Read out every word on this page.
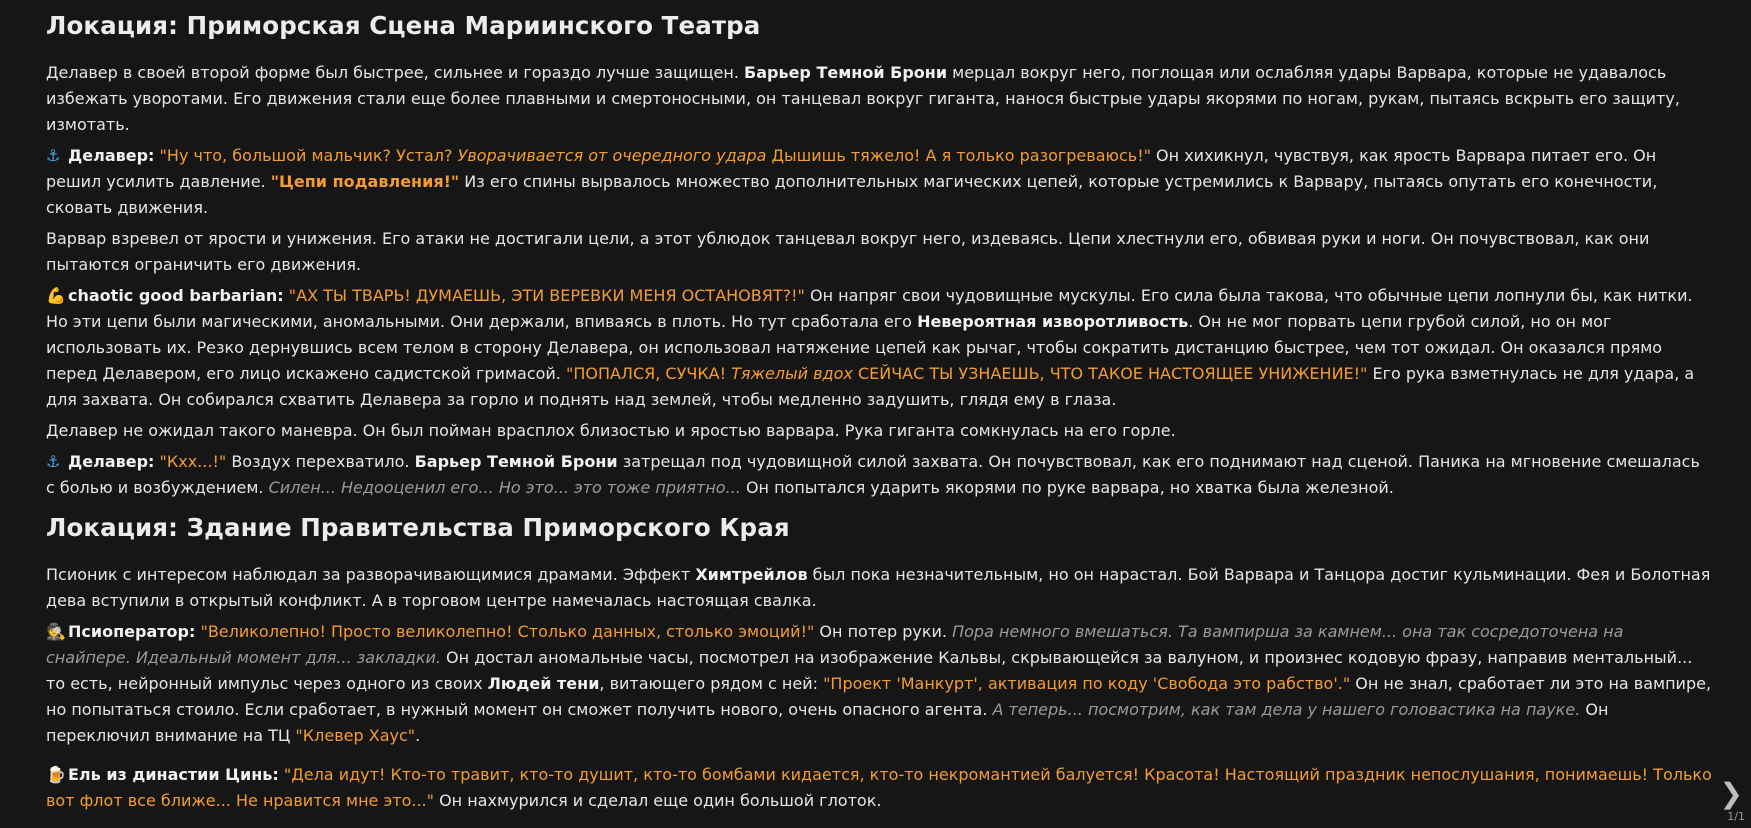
Локация: Приморская Сцена Мариинского Театра

Делавер в своей второй форме был быстрее, сильнее и гораздо лучше защищен. Барьер Темной Брони мерцал вокруг него, поглощая или ослабляя удары Варвара, которые не удавалось избежать уворотами. Его движения стали еще более плавными и смертоносными, он танцевал вокруг гиганта, нанося быстрые удары якорями по ногам, рукам, пытаясь вскрыть его защиту, измотать.

⚓ Делавер: "Ну что, большой мальчик? Устал? Уворачивается от очередного удара Дышишь тяжело! А я только разогреваюсь!" Он хихикнул, чувствуя, как ярость Варвара питает его. Он решил усилить давление. "Цепи подавления!" Из его спины вырвалось множество дополнительных магических цепей, которые устремились к Варвару, пытаясь опутать его конечности, сковать движения.

Варвар взревел от ярости и унижения. Его атаки не достигали цели, а этот ублюдок танцевал вокруг него, издеваясь. Цепи хлестнули его, обвивая руки и ноги. Он почувствовал, как они пытаются ограничить его движения.

💪 chaotic good barbarian: "АХ ТЫ ТВАРЬ! ДУМАЕШЬ, ЭТИ ВЕРЕВКИ МЕНЯ ОСТАНОВЯТ?!" Он напряг свои чудовищные мускулы. Его сила была такова, что обычные цепи лопнули бы, как нитки. Но эти цепи были магическими, аномальными. Они держали, впиваясь в плоть. Но тут сработала его Невероятная изворотливость. Он не мог порвать цепи грубой силой, но он мог использовать их. Резко дернувшись всем телом в сторону Делавера, он использовал натяжение цепей как рычаг, чтобы сократить дистанцию быстрее, чем тот ожидал. Он оказался прямо перед Делавером, его лицо искажено садистской гримасой. "ПОПАЛСЯ, СУЧКА! Тяжелый вдох СЕЙЧАС ТЫ УЗНАЕШЬ, ЧТО ТАКОЕ НАСТОЯЩЕЕ УНИЖЕНИЕ!" Его рука взметнулась не для удара, а для захвата. Он собирался схватить Делавера за горло и поднять над землей, чтобы медленно задушить, глядя ему в глаза.

Делавер не ожидал такого маневра. Он был пойман врасплох близостью и яростью варвара. Рука гиганта сомкнулась на его горле.

⚓ Делавер: "Кхх...!" Воздух перехватило. Барьер Темной Брони затрещал под чудовищной силой захвата. Он почувствовал, как его поднимают над сценой. Паника на мгновение смешалась с болью и возбуждением. Силен... Недооценил его... Но это... это тоже приятно... Он попытался ударить якорями по руке варвара, но хватка была железной.

Локация: Здание Правительства Приморского Края

Псионик с интересом наблюдал за разворачивающимися драмами. Эффект Химтрейлов был пока незначительным, но он нарастал. Бой Варвара и Танцора достиг кульминации. Фея и Болотная дева вступили в открытый конфликт. А в торговом центре намечалась настоящая свалка.

🕵 Псиоператор: "Великолепно! Просто великолепно! Столько данных, столько эмоций!" Он потер руки. Пора немного вмешаться. Та вампирша за камнем... она так сосредоточена на снайпере. Идеальный момент для... закладки. Он достал аномальные часы, посмотрел на изображение Кальвы, скрывающейся за валуном, и произнес кодовую фразу, направив ментальный... то есть, нейронный импульс через одного из своих Людей тени, витающего рядом с ней: "Проект 'Манкурт', активация по коду 'Свобода это рабство'." Он не знал, сработает ли это на вампире, но попытаться стоило. Если сработает, в нужный момент он сможет получить нового, очень опасного агента. А теперь... посмотрим, как там дела у нашего головастика на пауке. Он переключил внимание на ТЦ "Клевер Хаус".

🍺 Ель из династии Цинь: "Дела идут! Кто-то травит, кто-то душит, кто-то бомбами кидается, кто-то некромантией балуется! Красота! Настоящий праздник непослушания, понимаешь! Только вот флот все ближе... Не нравится мне это..." Он нахмурился и сделал еще один большой глоток.	❯
1/1
